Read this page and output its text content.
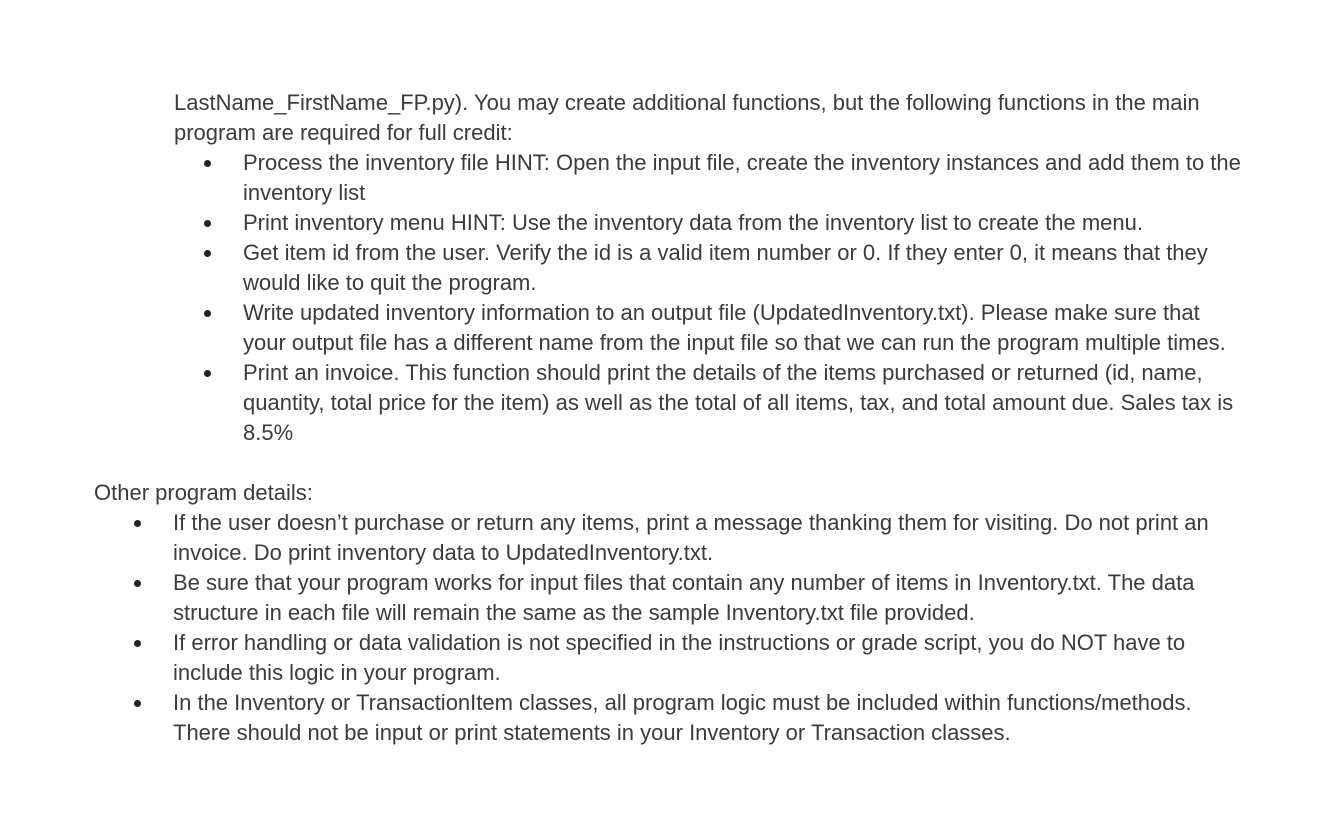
LastName_FirstName_FP.py). You may create additional functions, but the following functions in the main program are required for full credit:

Process the inventory file HINT: Open the input file, create the inventory instances and add them to the inventory list
Print inventory menu HINT: Use the inventory data from the inventory list to create the menu.
Get item id from the user. Verify the id is a valid item number or 0. If they enter 0, it means that they would like to quit the program.
Write updated inventory information to an output file (UpdatedInventory.txt). Please make sure that your output file has a different name from the input file so that we can run the program multiple times.
Print an invoice. This function should print the details of the items purchased or returned (id, name, quantity, total price for the item) as well as the total of all items, tax, and total amount due. Sales tax is 8.5%

Other program details:

If the user doesn’t purchase or return any items, print a message thanking them for visiting. Do not print an invoice. Do print inventory data to UpdatedInventory.txt.
Be sure that your program works for input files that contain any number of items in Inventory.txt. The data structure in each file will remain the same as the sample Inventory.txt file provided.
If error handling or data validation is not specified in the instructions or grade script, you do NOT have to include this logic in your program.
In the Inventory or TransactionItem classes, all program logic must be included within functions/methods. There should not be input or print statements in your Inventory or Transaction classes.
